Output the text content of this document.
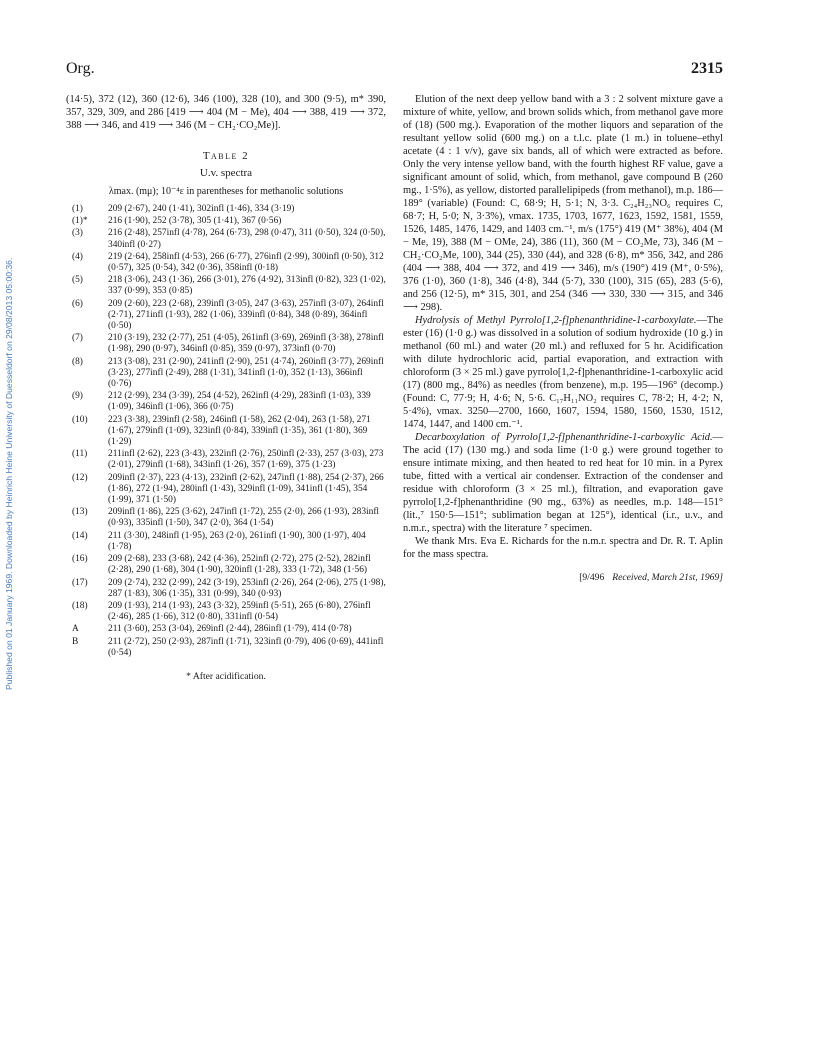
Org.	2315
Published on 01 January 1969. Downloaded by Heinrich Heine University of Duesseldorf on 29/08/2013 05:00:36.

(14·5), 372 (12), 360 (12·6), 346 (100), 328 (10), and 300 (9·5), m* 390, 357, 329, 309, and 286 [419 ⟶ 404 (M − Me), 404 ⟶ 388, 419 ⟶ 372, 388 ⟶ 346, and 419 ⟶ 346 (M − CH₂·CO₂Me)].

Table 2
U.v. spectra
λmax. (mμ); 10⁻⁴ε in parentheses for methanolic solutions
(1)	209 (2·67), 240 (1·41), 302infl (1·46), 334 (3·19)
(1)*	216 (1·90), 252 (3·78), 305 (1·41), 367 (0·56)
(3)	216 (2·48), 257infl (4·78), 264 (6·73), 298 (0·47), 311 (0·50), 324 (0·50), 340infl (0·27)
(4)	219 (2·64), 258infl (4·53), 266 (6·77), 276infl (2·99), 300infl (0·50), 312 (0·57), 325 (0·54), 342 (0·36), 358infl (0·18)
(5)	218 (3·06), 243 (1·36), 266 (3·01), 276 (4·92), 313infl (0·82), 323 (1·02), 337 (0·99), 353 (0·85)
(6)	209 (2·60), 223 (2·68), 239infl (3·05), 247 (3·63), 257infl (3·07), 264infl (2·71), 271infl (1·93), 282 (1·06), 339infl (0·84), 348 (0·89), 364infl (0·50)
(7)	210 (3·19), 232 (2·77), 251 (4·05), 261infl (3·69), 269infl (3·38), 278infl (1·98), 290 (0·97), 346infl (0·85), 359 (0·97), 373infl (0·70)
(8)	213 (3·08), 231 (2·90), 241infl (2·90), 251 (4·74), 260infl (3·77), 269infl (3·23), 277infl (2·49), 288 (1·31), 341infl (1·0), 352 (1·13), 366infl (0·76)
(9)	212 (2·99), 234 (3·39), 254 (4·52), 262infl (4·29), 283infl (1·03), 339 (1·09), 346infl (1·06), 366 (0·75)
(10)	223 (3·38), 239infl (2·58), 246infl (1·58), 262 (2·04), 263 (1·58), 271 (1·67), 279infl (1·09), 323infl (0·84), 339infl (1·35), 361 (1·80), 369 (1·29)
(11)	211infl (2·62), 223 (3·43), 232infl (2·76), 250infl (2·33), 257 (3·03), 273 (2·01), 279infl (1·68), 343infl (1·26), 357 (1·69), 375 (1·23)
(12)	209infl (2·37), 223 (4·13), 232infl (2·62), 247infl (1·88), 254 (2·37), 266 (1·86), 272 (1·94), 280infl (1·43), 329infl (1·09), 341infl (1·45), 354 (1·99), 371 (1·50)
(13)	209infl (1·86), 225 (3·62), 247infl (1·72), 255 (2·0), 266 (1·93), 283infl (0·93), 335infl (1·50), 347 (2·0), 364 (1·54)
(14)	211 (3·30), 248infl (1·95), 263 (2·0), 261infl (1·90), 300 (1·97), 404 (1·78)
(16)	209 (2·68), 233 (3·68), 242 (4·36), 252infl (2·72), 275 (2·52), 282infl (2·28), 290 (1·68), 304 (1·90), 320infl (1·28), 333 (1·72), 348 (1·56)
(17)	209 (2·74), 232 (2·99), 242 (3·19), 253infl (2·26), 264 (2·06), 275 (1·98), 287 (1·83), 306 (1·35), 331 (0·99), 340 (0·93)
(18)	209 (1·93), 214 (1·93), 243 (3·32), 259infl (5·51), 265 (6·80), 276infl (2·46), 285 (1·66), 312 (0·80), 331infl (0·54)
A	211 (3·60), 253 (3·04), 269infl (2·44), 286infl (1·79), 414 (0·78)
B	211 (2·72), 250 (2·93), 287infl (1·71), 323infl (0·79), 406 (0·69), 441infl (0·54)
* After acidification.

Elution of the next deep yellow band with a 3 : 2 solvent mixture gave a mixture of white, yellow, and brown solids which, from methanol gave more of (18) (500 mg.). Evaporation of the mother liquors and separation of the resultant yellow solid (600 mg.) on a t.l.c. plate (1 m.) in toluene–ethyl acetate (4 : 1 v/v), gave six bands, all of which were extracted as before. Only the very intense yellow band, with the fourth highest RF value, gave a significant amount of solid, which, from methanol, gave compound B (260 mg., 1·5%), as yellow, distorted parallelipipeds (from methanol), m.p. 186—189° (variable) (Found: C, 68·9; H, 5·1; N, 3·3. C₂₄H₂₃NO₆ requires C, 68·7; H, 5·0; N, 3·3%), νmax. 1735, 1703, 1677, 1623, 1592, 1581, 1559, 1526, 1485, 1476, 1429, and 1403 cm.⁻¹, m/s (175°) 419 (M⁺ 38%), 404 (M − Me, 19), 388 (M − OMe, 24), 386 (11), 360 (M − CO₂Me, 73), 346 (M − CH₂·CO₂Me, 100), 344 (25), 330 (44), and 328 (6·8), m* 356, 342, and 286 (404 ⟶ 388, 404 ⟶ 372, and 419 ⟶ 346), m/s (190°) 419 (M⁺, 0·5%), 376 (1·0), 360 (1·8), 346 (4·8), 344 (5·7), 330 (100), 315 (65), 283 (5·6), and 256 (12·5), m* 315, 301, and 254 (346 ⟶ 330, 330 ⟶ 315, and 346 ⟶ 298).

Hydrolysis of Methyl Pyrrolo[1,2-f]phenanthridine-1-carboxylate.—The ester (16) (1·0 g.) was dissolved in a solution of sodium hydroxide (10 g.) in methanol (60 ml.) and water (20 ml.) and refluxed for 5 hr. Acidification with dilute hydrochloric acid, partial evaporation, and extraction with chloroform (3 × 25 ml.) gave pyrrolo[1,2-f]phenanthridine-1-carboxylic acid (17) (800 mg., 84%) as needles (from benzene), m.p. 195—196° (decomp.) (Found: C, 77·9; H, 4·6; N, 5·6. C₁₇H₁₁NO₂ requires C, 78·2; H, 4·2; N, 5·4%), νmax. 3250—2700, 1660, 1607, 1594, 1580, 1560, 1530, 1512, 1474, 1447, and 1400 cm.⁻¹.

Decarboxylation of Pyrrolo[1,2-f]phenanthridine-1-carboxylic Acid.—The acid (17) (130 mg.) and soda lime (1·0 g.) were ground together to ensure intimate mixing, and then heated to red heat for 10 min. in a Pyrex tube, fitted with a vertical air condenser. Extraction of the condenser and residue with chloroform (3 × 25 ml.), filtration, and evaporation gave pyrrolo[1,2-f]phenanthridine (90 mg., 63%) as needles, m.p. 148—151° (lit.,⁷ 150·5—151°; sublimation began at 125°), identical (i.r., u.v., and n.m.r., spectra) with the literature ⁷ specimen.

We thank Mrs. Eva E. Richards for the n.m.r. spectra and Dr. R. T. Aplin for the mass spectra.

[9/496 Received, March 21st, 1969]
